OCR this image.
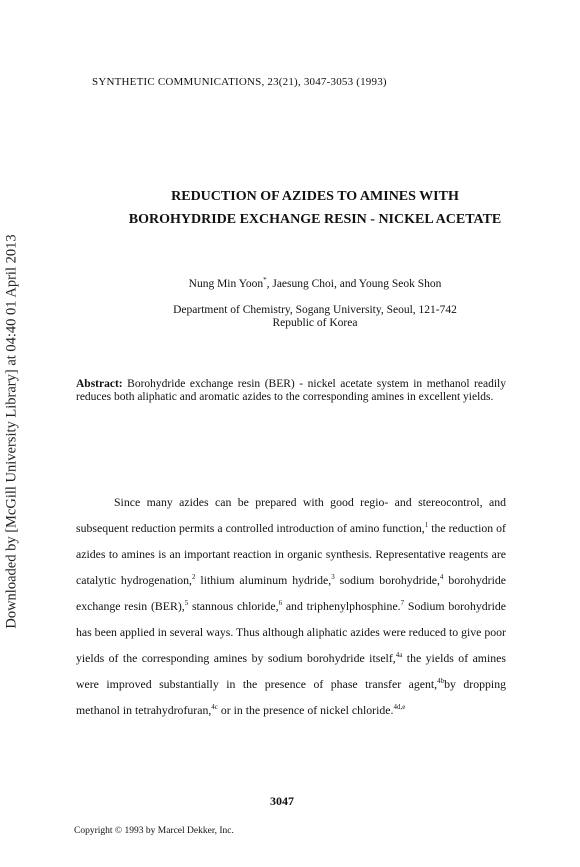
Downloaded by [McGill University Library] at 04:40 01 April 2013
SYNTHETIC COMMUNICATIONS, 23(21), 3047-3053 (1993)
REDUCTION OF AZIDES TO AMINES WITH
BOROHYDRIDE EXCHANGE RESIN - NICKEL ACETATE
Nung Min Yoon*, Jaesung Choi, and Young Seok Shon
Department of Chemistry, Sogang University, Seoul, 121-742
Republic of Korea
Abstract: Borohydride exchange resin (BER) - nickel acetate system in methanol readily reduces both aliphatic and aromatic azides to the corresponding amines in excellent yields.

Since many azides can be prepared with good regio- and stereocontrol, and subsequent reduction permits a controlled introduction of amino function,$^1$ the reduction of azides to amines is an important reaction in organic synthesis. Representative reagents are catalytic hydrogenation,$^2$ lithium aluminum hydride,$^3$ sodium borohydride,$^4$ borohydride exchange resin (BER),$^5$ stannous chloride,$^6$ and triphenylphosphine.$^7$ Sodium borohydride has been applied in several ways. Thus although aliphatic azides were reduced to give poor yields of the corresponding amines by sodium borohydride itself,$^{4a}$ the yields of amines were improved substantially in the presence of phase transfer agent,$^{4b}$by dropping methanol in tetrahydrofuran,$^{4c}$ or in the presence of nickel chloride.$^{4d,e}$

3047
Copyright © 1993 by Marcel Dekker, Inc.
